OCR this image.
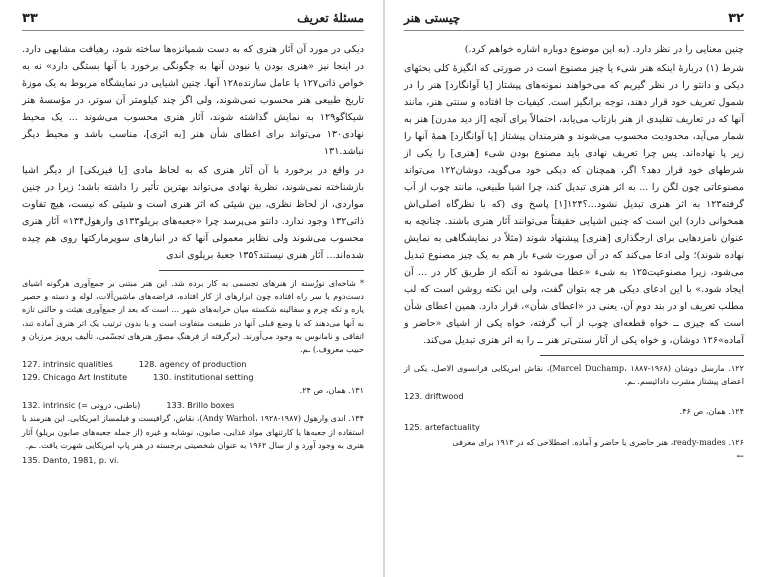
۳۳	مسئلهٔ تعریف

دیکی در مورد آن آثار هنری که به دست شمپانزه‌ها ساخته شود، رهیافت مشابهی دارد. در اینجا نیز «هنری بودن یا نبودن آنها به چگونگی برخورد با آنها بستگی دارد» نه به خواص ذاتی۱۲۷ یا عامل سازنده۱۲۸ آنها. چنین اشیایی در نمایشگاه مربوط به یک موزهٔ تاریخ طبیعی هنر محسوب نمی‌شوند، ولی اگر چند کیلومتر آن سوتر، در مؤسسهٔ هنر شیکاگو۱۲۹ به نمایش گذاشته شوند، آثار هنری محسوب می‌شوند ... یک محیط نهادی۱۳۰ می‌تواند برای اعطای شأن هنر [به اثری]، مناسب باشد و محیط دیگر نباشد.۱۳۱

در واقع در برخورد با آن آثار هنری که به لحاظ مادی [یا فیزیکی] از دیگر اشیا بازشناخته نمی‌شوند، نظریهٔ نهادی می‌تواند بهترین تأثیر را داشته باشد؛ زیرا در چنین مواردی، از لحاظ نظری، بین شیئی که اثر هنری است و شیئی که نیست، هیچ تفاوت ذاتی۱۳۲ وجود ندارد. دانتو می‌پرسد چرا «جعبه‌های بریلو۱۳۳ی وارهول۱۳۴» آثار هنری محسوب می‌شوند ولی نظایر معمولی آنها که در انبارهای سوپرمارکتها روی هم چیده شده‌اند... آثار هنری نیستند؟۱۳۵ جعبهٔ بریلوی اندی

* شاخه‌ای نوزُسته از هنرهای تجسمی به کار برده شد. این هنر مبتنی بر جمع‌آوری هرگونه اشیای دست‌دوم یا سر راه افتاده چون ابزارهای از کار افتاده، قراضه‌های ماشین‌آلات، لوله و دسته و حصیر پاره و تکه چرم و سفالینه شکسته میان خرابه‌های شهر ... است که بعد از جمع‌آوری هیئت و حالتی تازه به آنها می‌دهند که یا وضع قبلی آنها در طبیعت متفاوت است و یا بدون ترتیب یک اثر هنری آماده تند، اتفاقی و ناما‌نوس به وجود می‌آورند. (برگرفته از فرهنگ مصوّر هنرهای تجسّمی، تألیف پرویز مرزبان و حبیب معروف.) ـم.

127. intrinsic qualities	128. agency of production
129. Chicago Art Institute	130. institutional setting

۱۳۱. همان، ص ۲۴.

132. intrinsic (= باطنی، درونی)	133. Brillo boxes

۱۳۴. اندی وارهول (Andy Warhol، ۱۹۲۸-۱۹۸۷)، نقاش، گرافیست و فیلمساز امریکایی. این هنرمند با استفاده از جعبه‌ها یا کارتنهای مواد غذایی، صابون، نوشابه و غیره (از جمله جعبه‌های صابون بریلو) آثار هنری به وجود آورد و از سال ۱۹۶۲ به عنوان شخصیتی برجسته در هنر پاپ امریکایی شهرت یافت. ـم.

135. Danto, 1981, p. vi.

چیستی هنر	۳۲

چنین معنایی را در نظر دارد. (به این موضوع دوباره اشاره خواهم کرد.)

شرط (۱) دربارهٔ اینکه هنر شیء یا چیز مصنوع است در صورتی که انگیزهٔ کلی بحثهای دیکی و دانتو را در نظر گیریم که می‌خواهند نمونه‌های پیشتاز [یا آوانگارد] هنر را در شمول تعریف خود قرار دهند، توجه برانگیز است. کیفیات جا افتاده و سنتی هنر، مانند آنها که در تعاریف تقلیدی از هنر بازتاب می‌یابد، احتمالاً برای آنچه [از دید مدرن] هنر به شمار می‌آید، محدودیت محسوب می‌شوند و هنرمندان پیشتاز [یا آوانگارد] همهٔ آنها را زیر پا نهاده‌اند. پس چرا تعریف نهادی باید مصنوع بودن شیء [هنری] را یکی از شرطهای خود قرار دهد؟ اگر، همچنان که دیکی خود می‌گوید، دوشان۱۲۲ می‌تواند مصنوعاتی چون لگن را ... به اثر هنری تبدیل کند، چرا اشیا طبیعی، مانند چوب از آب گرفته۱۲۳ به اثر هنری تبدیل نشود...؟۱۲۴[۱] پاسخ وی (که با نظرگاه اصلی‌اش همخوانی دارد) این است که چنین اشیایی حقیقتاً می‌توانند آثار هنری باشند. چنانچه به عنوان نامزدهایی برای ارجگذاری [هنری] پیشنهاد شوند (مثلاً در نمایشگاهی به نمایش نهاده شوند)؛ ولی ادعا می‌کند که در آن صورت شیء باز هم به یک چیز مصنوع تبدیل می‌شود، زیرا مصنوعیت۱۲۵ به شیء «عطا می‌شود نه آنکه از طریق کار در ... آن ایجاد شود.» با این ادعای دیکی هر چه بتوان گفت، ولی این نکته روشن است که لب مطلب تعریف او در بند دوم آن، یعنی در «اعطای شأن»، قرار دارد. همین اعطای شأن است که چیزی ــ خواه قطعه‌ای چوب از آب گرفته، خواه یکی از اشیای «حاضر و آماده»۱۲۶ دوشان، و خواه یکی از آثار سنتی‌تر هنر ــ را به اثر هنری تبدیل می‌کند.

۱۲۲. مارسل دوشان (Marcel Duchamp، ۱۸۸۷-۱۹۶۸)، نقاش امریکایی فرانسوی الاصل، یکی از اعضای پیشتاز مشرب دادائیسم. ـم.

123. driftwood

۱۲۴. همان، ص ۴۶.

125. artefactuality

۱۲۶. ready-mades، هنر حاضری یا حاضر و آماده. اصطلاحی که در ۱۹۱۳ برای معرفی

←
